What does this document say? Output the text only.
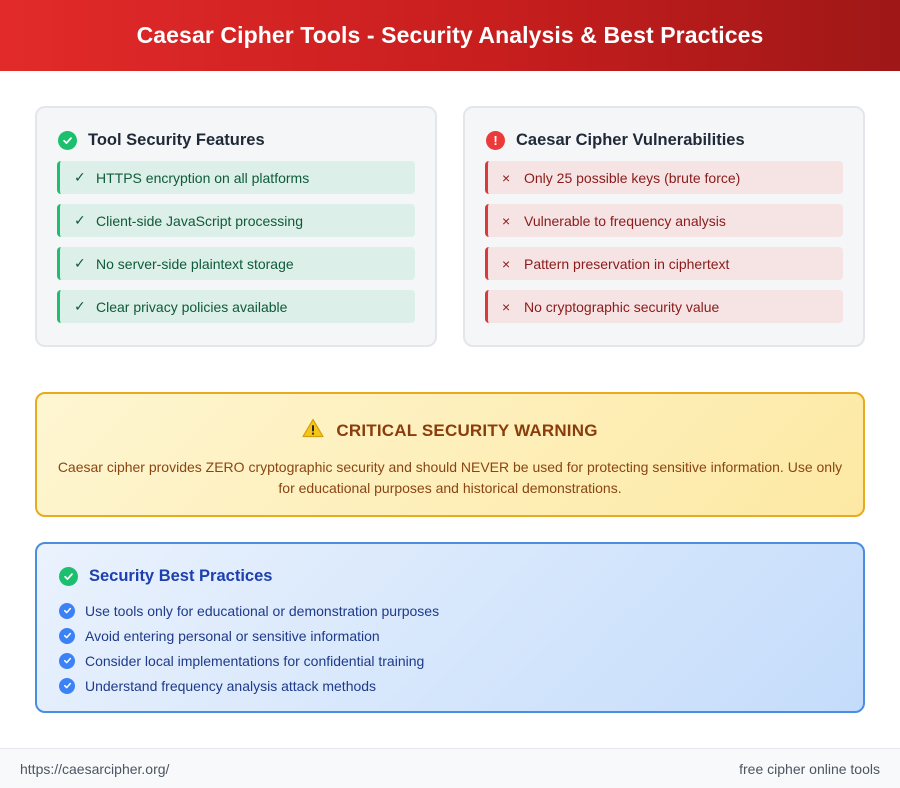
Caesar Cipher Tools - Security Analysis & Best Practices
Tool Security Features
✓ HTTPS encryption on all platforms
✓ Client-side JavaScript processing
✓ No server-side plaintext storage
✓ Clear privacy policies available
!	Caesar Cipher Vulnerabilities
× Only 25 possible keys (brute force)
× Vulnerable to frequency analysis
× Pattern preservation in ciphertext
× No cryptographic security value
CRITICAL SECURITY WARNING

Caesar cipher provides ZERO cryptographic security and should NEVER be used for protecting sensitive information. Use only for educational purposes and historical demonstrations.

Security Best Practices
Use tools only for educational or demonstration purposes
Avoid entering personal or sensitive information
Consider local implementations for confidential training
Understand frequency analysis attack methods
https://caesarcipher.org/	free cipher online tools
